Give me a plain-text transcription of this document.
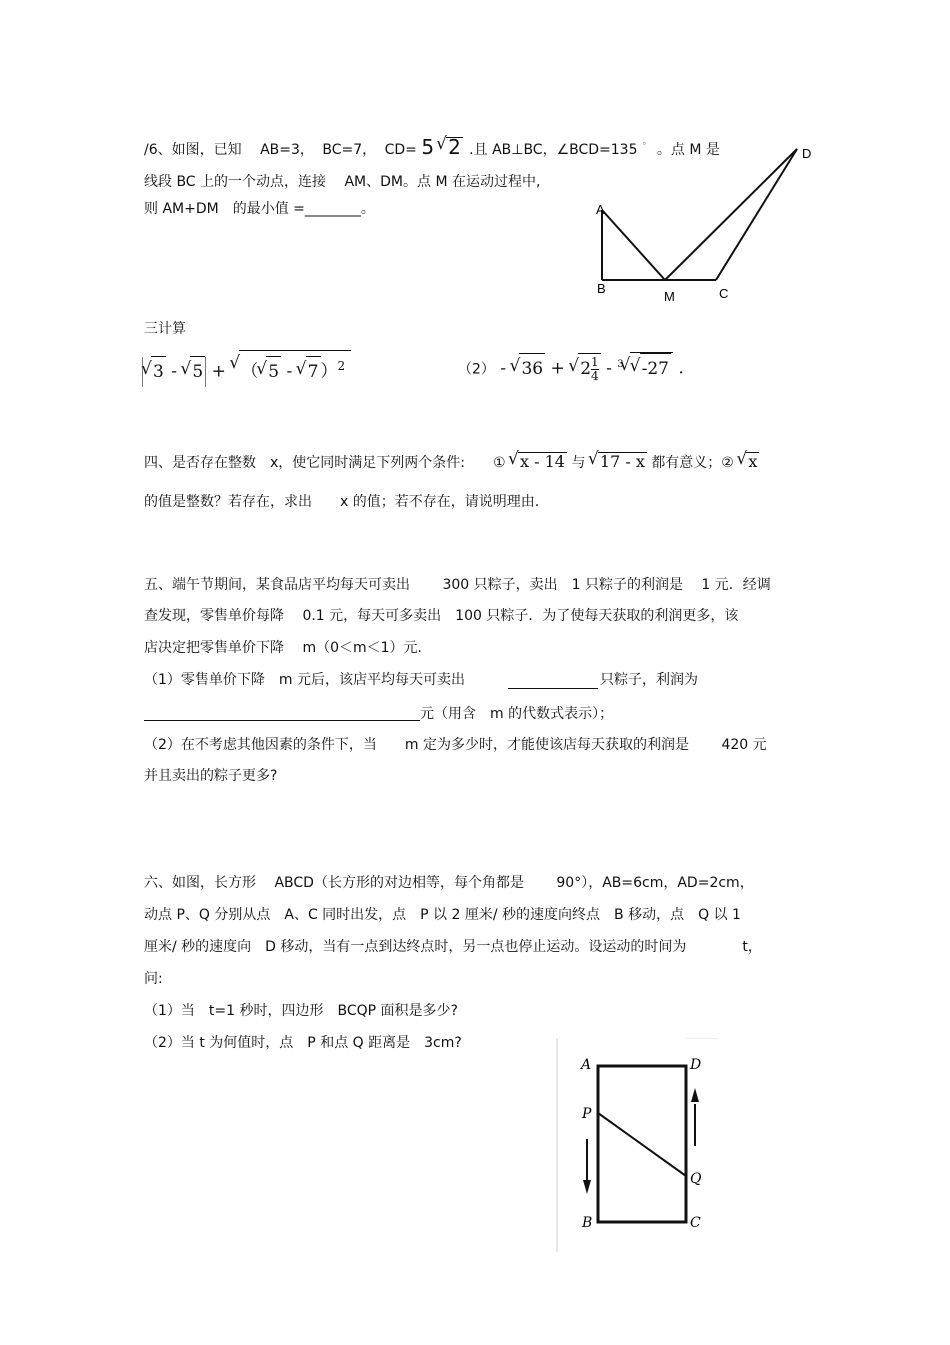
/6、如图，已知 AB=3， BC=7， CD= 5√ 2 .且 AB⊥BC，∠BCD=135 ° 。点 M 是
线段 BC 上的一个动点，连接　 AM、DM。点 M 在运动过程中,
则 AM+DM　的最小值 =________。
D
A
B
M	C
三计算
√ 3 - √ 5 + √ （√ 5 - √ 7 ）$^2$	（2） - √ 36 + √ $2 \frac{1}{4} - ^3√$ √ -27 .
四、是否存在整数　x，使它同时满足下列两个条件:　　① √ x - 14 与 √ 17 - x 都有意义；② √ x
的值是整数？若存在，求出　　x 的值；若不存在，请说明理由.
五、端午节期间，某食品店平均每天可卖出　　 300 只粽子，卖出　1 只粽子的利润是　 1 元．经调
查发现，零售单价每降　 0.1 元，每天可多卖出　100 只粽子．为了使每天获取的利润更多，该
店决定把零售单价下降　 m（0＜m＜1）元．
（1）零售单价下降　m 元后，该店平均每天可卖出	只粽子，利润为
元（用含　m 的代数式表示）；
（2）在不考虑其他因素的条件下，当　　m 定为多少时，才能使该店每天获取的利润是　　 420 元
并且卖出的粽子更多?
六、如图，长方形　 ABCD（长方形的对边相等，每个角都是　　 90°），AB=6cm，AD=2cm，
动点 P、Q 分别从点　A、C 同时出发，点　P 以 2 厘米/ 秒的速度向终点　B 移动，点　Q 以 1
厘米/ 秒的速度向　D 移动，当有一点到达终点时，另一点也停止运动。设运动的时间为　　　　t，
问:
（1）当　t=1 秒时，四边形　BCQP 面积是多少?
（2）当 t 为何值时，点　P 和点 Q 距离是　3cm?
A	D
P
Q
B	C
